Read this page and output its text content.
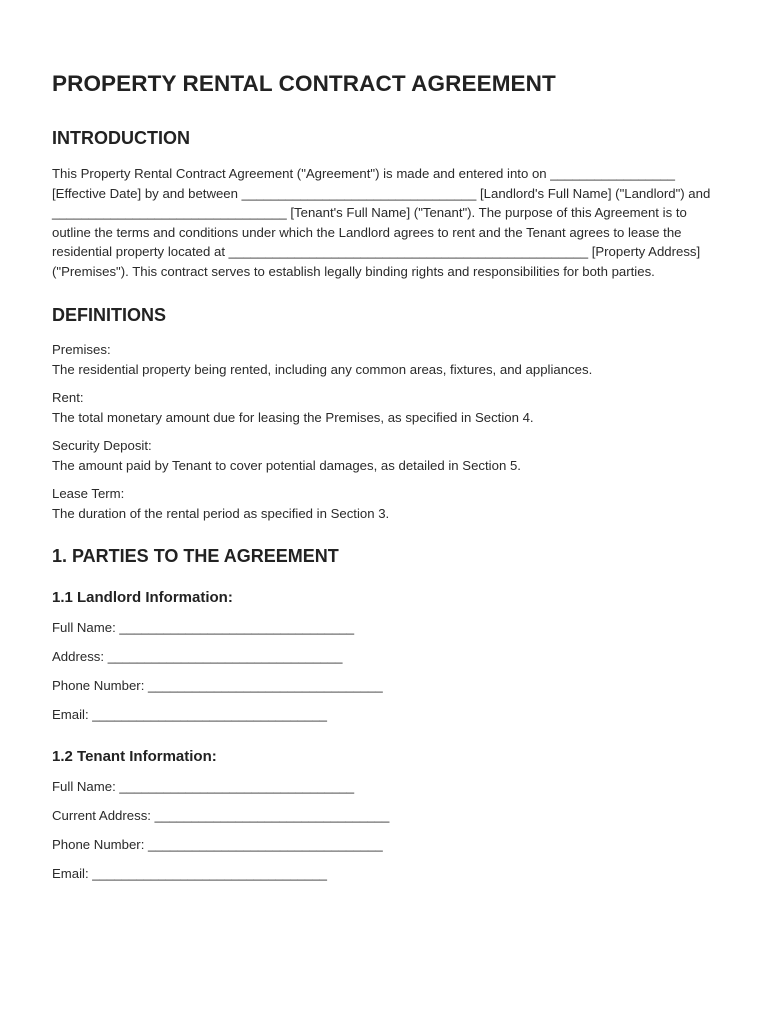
PROPERTY RENTAL CONTRACT AGREEMENT
INTRODUCTION

This Property Rental Contract Agreement ("Agreement") is made and entered into on _________________ [Effective Date] by and between ________________________________ [Landlord's Full Name] ("Landlord") and ________________________________ [Tenant's Full Name] ("Tenant"). The purpose of this Agreement is to outline the terms and conditions under which the Landlord agrees to rent and the Tenant agrees to lease the residential property located at _________________________________________________ [Property Address] ("Premises"). This contract serves to establish legally binding rights and responsibilities for both parties.

DEFINITIONS
Premises:
The residential property being rented, including any common areas, fixtures, and appliances.
Rent:
The total monetary amount due for leasing the Premises, as specified in Section 4.
Security Deposit:
The amount paid by Tenant to cover potential damages, as detailed in Section 5.
Lease Term:
The duration of the rental period as specified in Section 3.
1. PARTIES TO THE AGREEMENT
1.1 Landlord Information:

Full Name: ________________________________

Address: ________________________________

Phone Number: ________________________________

Email: ________________________________

1.2 Tenant Information:

Full Name: ________________________________

Current Address: ________________________________

Phone Number: ________________________________

Email: ________________________________
